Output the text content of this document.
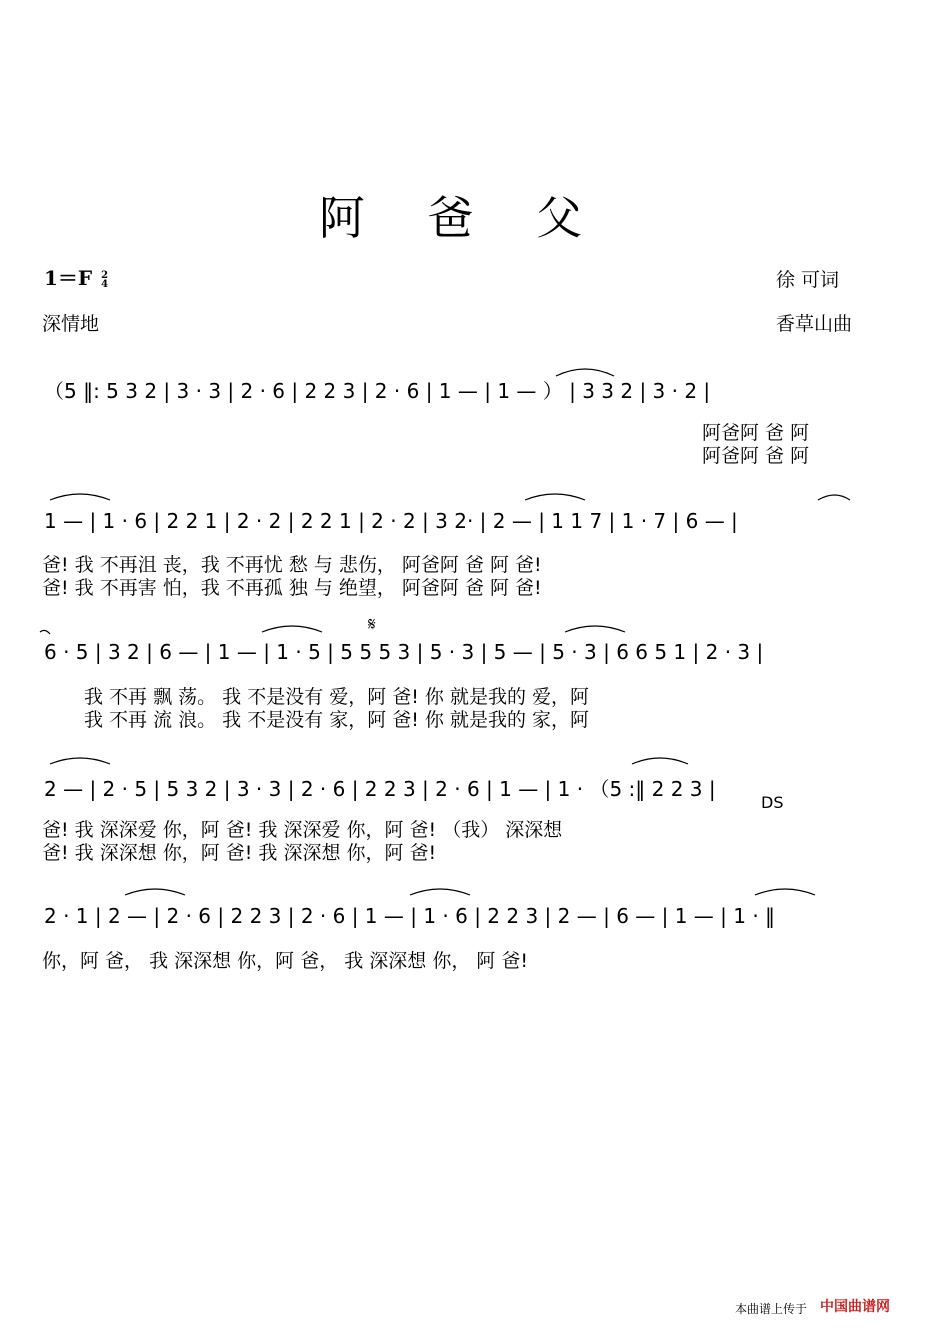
阿 爸 父
1＝F 2
4	徐 可词
深情地	香草山曲
（5 ‖: 5 3 2 | 3 · 3 | 2 · 6 | 2 2 3 | 2 · 6 | 1 — | 1 — ） | 3 3 2 | 3 · 2 |
阿爸阿 爸 阿
阿爸阿 爸 阿
1 — | 1 · 6 | 2 2 1 | 2 · 2 | 2 2 1 | 2 · 2 | 3 2· | 2 — | 1 1 7 | 1 · 7 | 6 — |
爸! 我 不再沮 丧，我 不再忧 愁 与 悲伤， 阿爸阿 爸 阿 爸!
爸! 我 不再害 怕，我 不再孤 独 与 绝望， 阿爸阿 爸 阿 爸!
6 · 5 | 3 2 | 6 — | 1 — | 1 · 5 | 5 5 5 3 | 5 · 3 | 5 — | 5 · 3 | 6 6 5 1 | 2 · 3 |
𝄋
我 不再 飘 荡。 我 不是没有 爱，阿 爸! 你 就是我的 爱，阿
我 不再 流 浪。 我 不是没有 家，阿 爸! 你 就是我的 家，阿
2 — | 2 · 5 | 5 3 2 | 3 · 3 | 2 · 6 | 2 2 3 | 2 · 6 | 1 — | 1 · （5 :‖ 2 2 3 |
DS
爸! 我 深深爱 你，阿 爸! 我 深深爱 你，阿 爸! （我） 深深想
爸! 我 深深想 你，阿 爸! 我 深深想 你，阿 爸!
2 · 1 | 2 — | 2 · 6 | 2 2 3 | 2 · 6 | 1 — | 1 · 6 | 2 2 3 | 2 — | 6 — | 1 — | 1 · ‖
你，阿 爸， 我 深深想 你，阿 爸， 我 深深想 你， 阿 爸!
本曲谱上传于 中国曲谱网
